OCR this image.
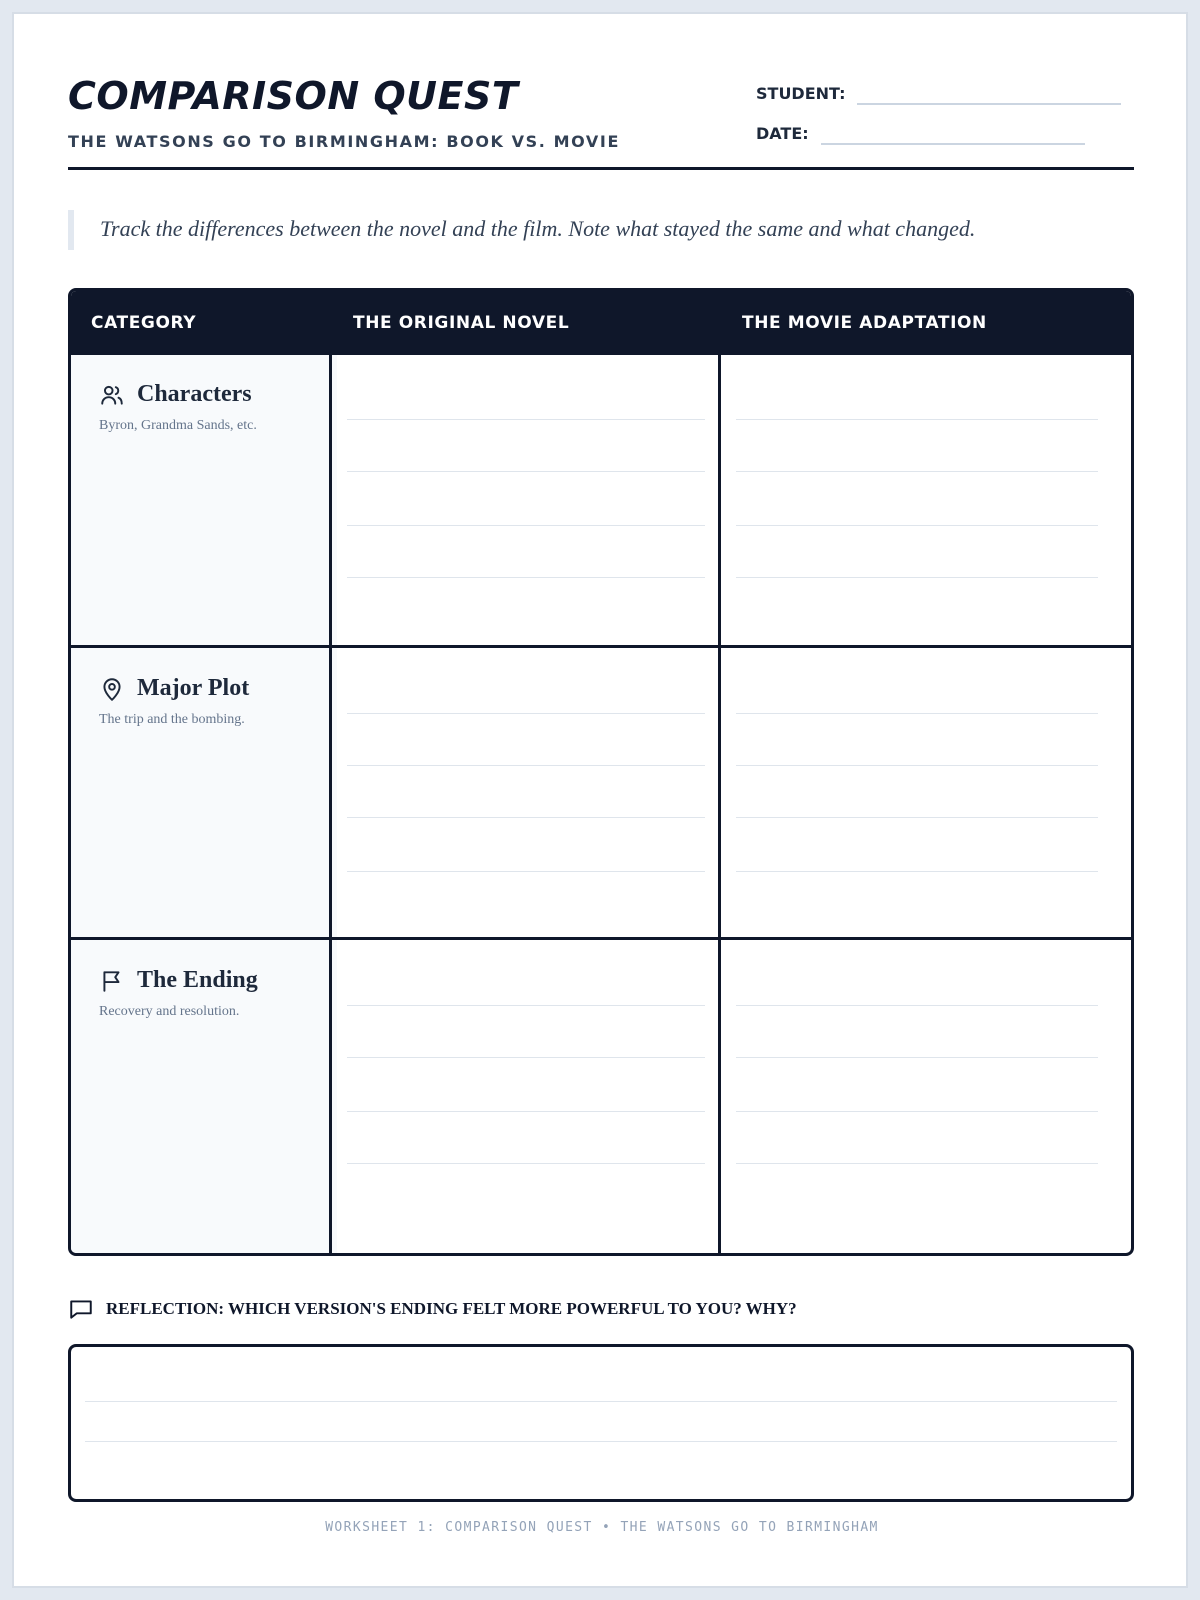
COMPARISON QUEST
THE WATSONS GO TO BIRMINGHAM: BOOK VS. MOVIE
STUDENT:
DATE:
Track the differences between the novel and the film. Note what stayed the same and what changed.
CATEGORY	THE ORIGINAL NOVEL	THE MOVIE ADAPTATION
Characters
Byron, Grandma Sands, etc.
Major Plot
The trip and the bombing.
The Ending
Recovery and resolution.
REFLECTION: WHICH VERSION'S ENDING FELT MORE POWERFUL TO YOU? WHY?
WORKSHEET 1: COMPARISON QUEST • THE WATSONS GO TO BIRMINGHAM
